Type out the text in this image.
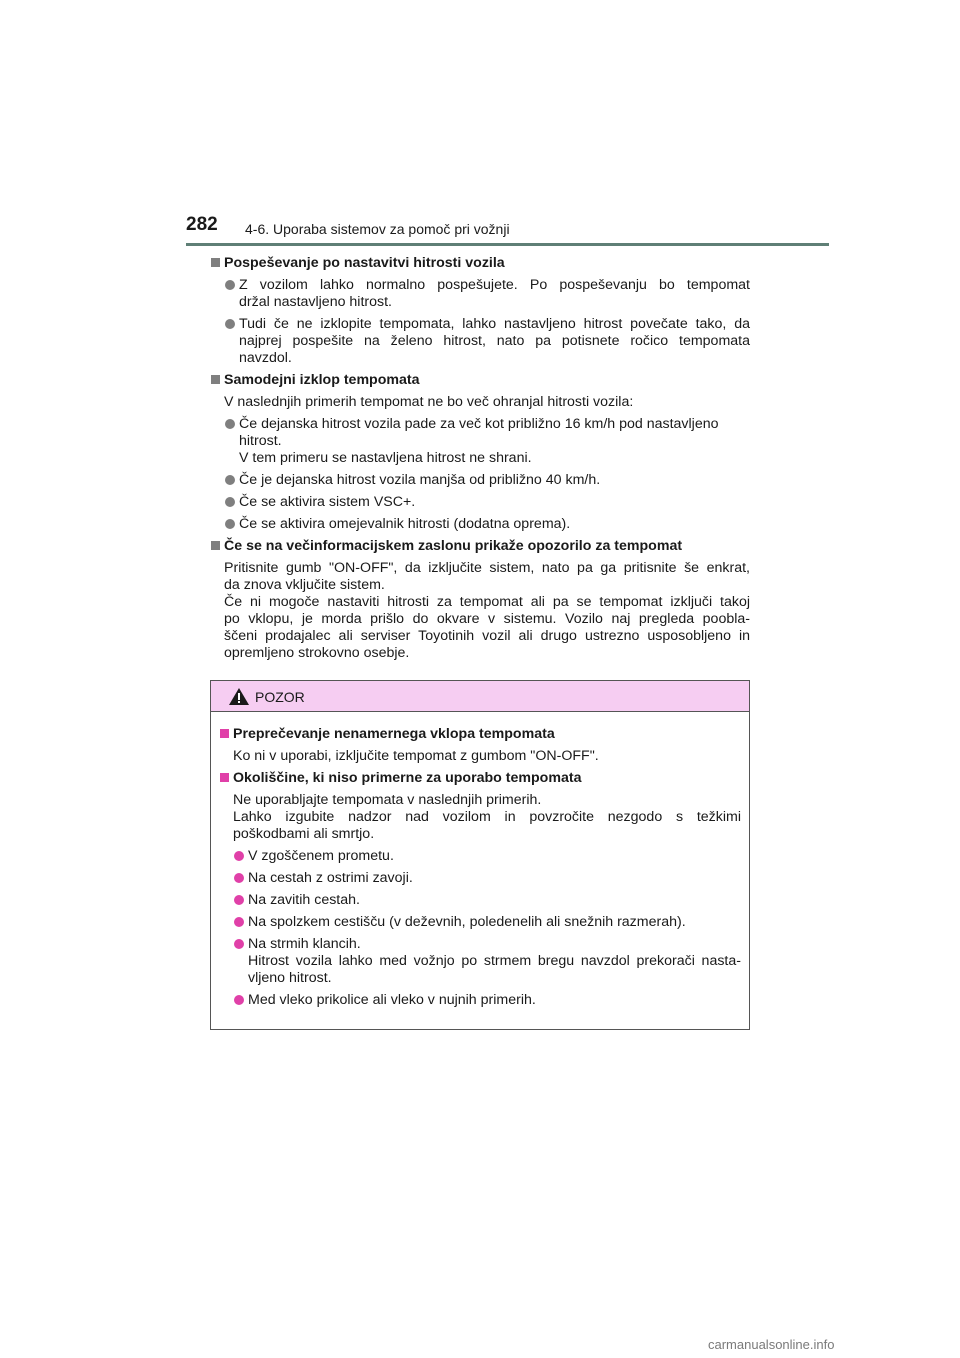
282 4-6. Uporaba sistemov za pomoč pri vožnji
Pospeševanje po nastavitvi hitrosti vozila
Z vozilom lahko normalno pospešujete. Po pospeševanju bo tempomat
držal nastavljeno hitrost.
Tudi če ne izklopite tempomata, lahko nastavljeno hitrost povečate tako, da
najprej pospešite na želeno hitrost, nato pa potisnete ročico tempomata
navzdol.
Samodejni izklop tempomata
V naslednjih primerih tempomat ne bo več ohranjal hitrosti vozila:
Če dejanska hitrost vozila pade za več kot približno 16 km/h pod nastavljeno
hitrost.
V tem primeru se nastavljena hitrost ne shrani.
Če je dejanska hitrost vozila manjša od približno 40 km/h.
Če se aktivira sistem VSC+.
Če se aktivira omejevalnik hitrosti (dodatna oprema).
Če se na večinformacijskem zaslonu prikaže opozorilo za tempomat
Pritisnite gumb "ON-OFF", da izključite sistem, nato pa ga pritisnite še enkrat,
da znova vključite sistem.
Če ni mogoče nastaviti hitrosti za tempomat ali pa se tempomat izključi takoj
po vklopu, je morda prišlo do okvare v sistemu. Vozilo naj pregleda poobla-
ščeni prodajalec ali serviser Toyotinih vozil ali drugo ustrezno usposobljeno in
opremljeno strokovno osebje.
POZOR
Preprečevanje nenamernega vklopa tempomata
Ko ni v uporabi, izključite tempomat z gumbom "ON-OFF".
Okoliščine, ki niso primerne za uporabo tempomata
Ne uporabljajte tempomata v naslednjih primerih.
Lahko izgubite nadzor nad vozilom in povzročite nezgodo s težkimi
poškodbami ali smrtjo.
V zgoščenem prometu.
Na cestah z ostrimi zavoji.
Na zavitih cestah.
Na spolzkem cestišču (v deževnih, poledenelih ali snežnih razmerah).
Na strmih klancih.
Hitrost vozila lahko med vožnjo po strmem bregu navzdol prekorači nasta-
vljeno hitrost.
Med vleko prikolice ali vleko v nujnih primerih.
carmanualsonline.info
